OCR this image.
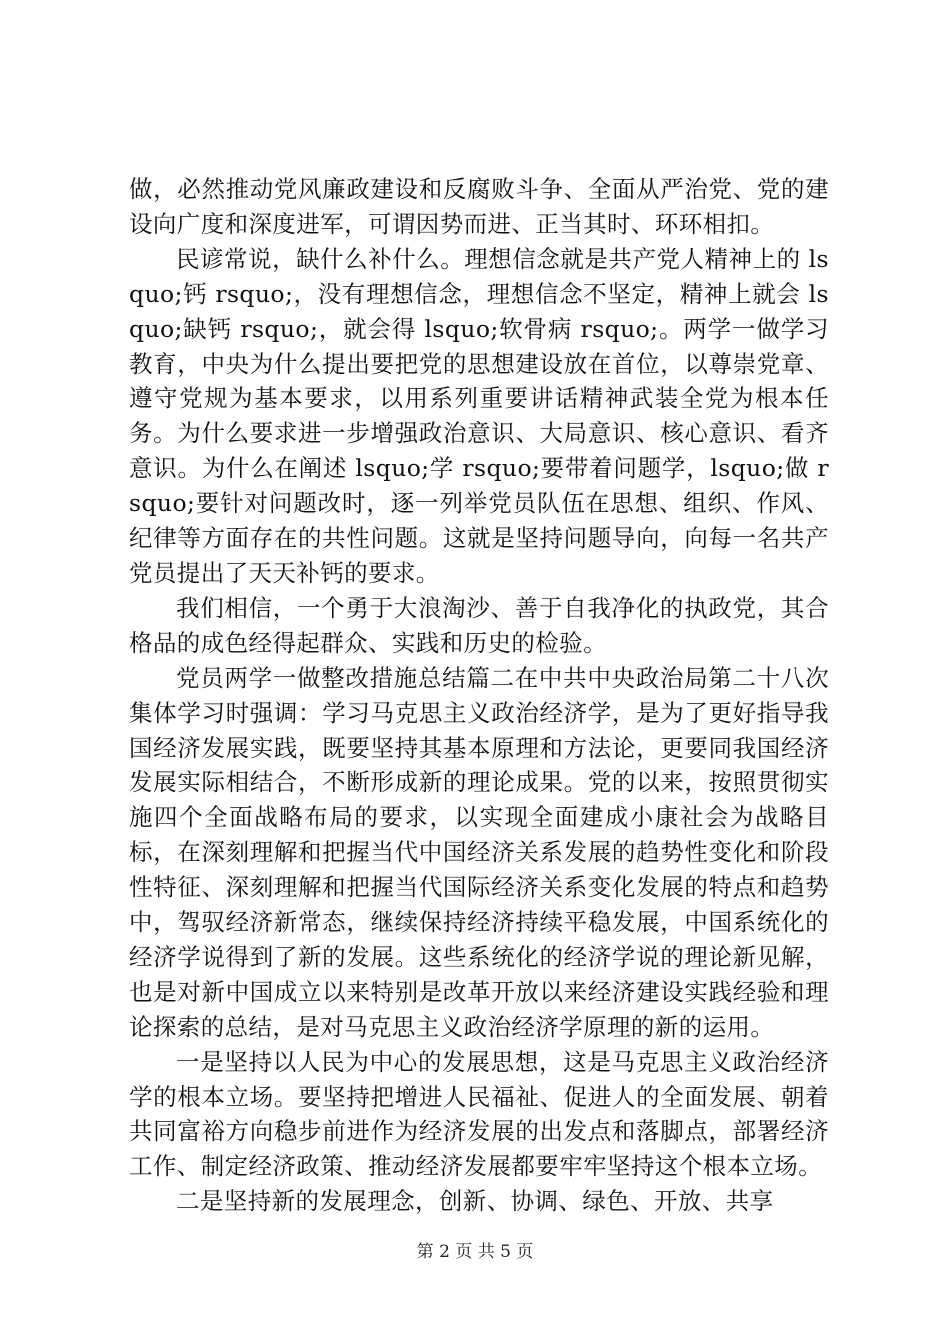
做，必然推动党风廉政建设和反腐败斗争、全面从严治党、党的建设向广度和深度进军，可谓因势而进、正当其时、环环相扣。

民谚常说，缺什么补什么。理想信念就是共产党人精神上的 lsquo;钙 rsquo;，没有理想信念，理想信念不坚定，精神上就会 lsquo;缺钙 rsquo;，就会得 lsquo;软骨病 rsquo;。两学一做学习教育，中央为什么提出要把党的思想建设放在首位，以尊崇党章、遵守党规为基本要求，以用系列重要讲话精神武装全党为根本任务。为什么要求进一步增强政治意识、大局意识、核心意识、看齐意识。为什么在阐述 lsquo;学 rsquo;要带着问题学，lsquo;做 rsquo;要针对问题改时，逐一列举党员队伍在思想、组织、作风、纪律等方面存在的共性问题。这就是坚持问题导向，向每一名共产党员提出了天天补钙的要求。

我们相信，一个勇于大浪淘沙、善于自我净化的执政党，其合格品的成色经得起群众、实践和历史的检验。

党员两学一做整改措施总结篇二在中共中央政治局第二十八次集体学习时强调：学习马克思主义政治经济学，是为了更好指导我国经济发展实践，既要坚持其基本原理和方法论，更要同我国经济发展实际相结合，不断形成新的理论成果。党的以来，按照贯彻实施四个全面战略布局的要求，以实现全面建成小康社会为战略目标，在深刻理解和把握当代中国经济关系发展的趋势性变化和阶段性特征、深刻理解和把握当代国际经济关系变化发展的特点和趋势中，驾驭经济新常态，继续保持经济持续平稳发展，中国系统化的经济学说得到了新的发展。这些系统化的经济学说的理论新见解，也是对新中国成立以来特别是改革开放以来经济建设实践经验和理论探索的总结，是对马克思主义政治经济学原理的新的运用。

一是坚持以人民为中心的发展思想，这是马克思主义政治经济学的根本立场。要坚持把增进人民福祉、促进人的全面发展、朝着共同富裕方向稳步前进作为经济发展的出发点和落脚点，部署经济工作、制定经济政策、推动经济发展都要牢牢坚持这个根本立场。

二是坚持新的发展理念，创新、协调、绿色、开放、共享

第 2 页 共 5 页
